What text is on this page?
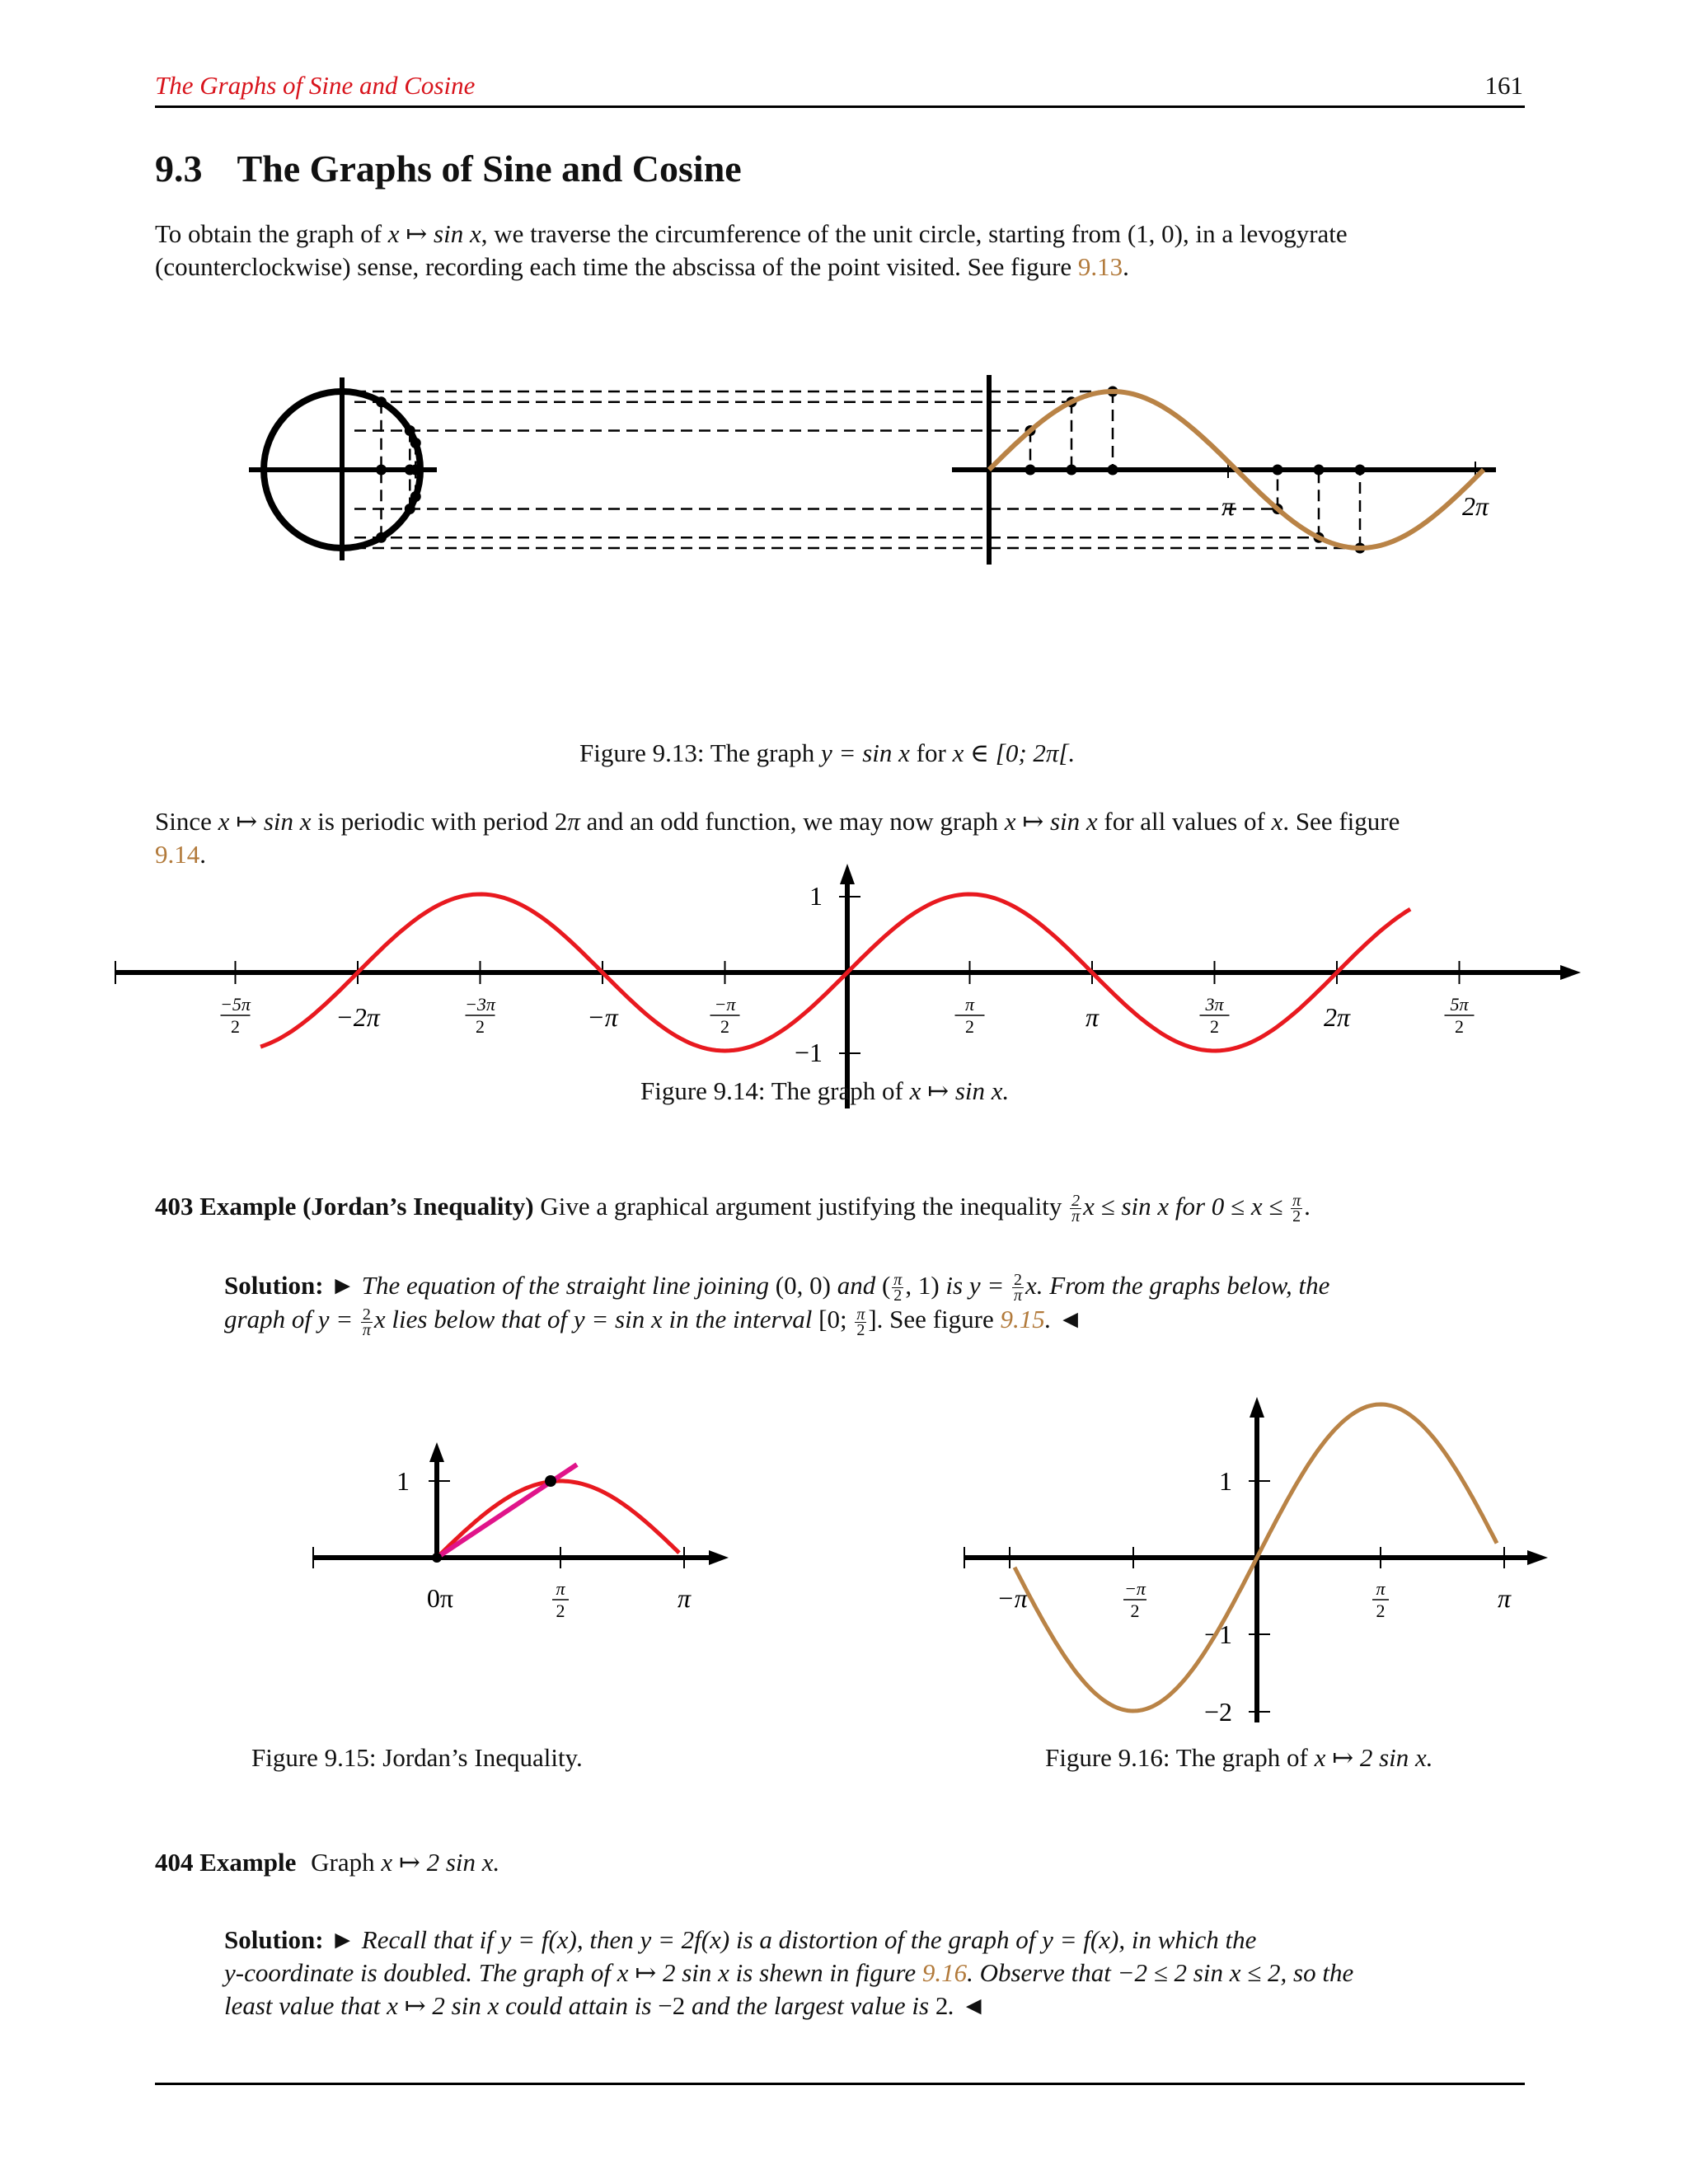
The Graphs of Sine and Cosine	161
9.3 The Graphs of Sine and Cosine
To obtain the graph of x ↦ sin x, we traverse the circumference of the unit circle, starting from (1, 0), in a levogyrate
(counterclockwise) sense, recording each time the abscissa of the point visited. See figure 9.13.
π	2π
Figure 9.13: The graph y = sin x for x ∈ [0; 2π[.
Since x ↦ sin x is periodic with period 2π and an odd function, we may now graph x ↦ sin x for all values of x. See figure
9.14.
1
−1
−5π
2	−2π	−3π
2	−π	−π
2
π
2	π	3π
2	2π	5π
2
Figure 9.14: The graph of x ↦ sin x.
403 Example (Jordan’s Inequality) Give a graphical argument justifying the inequality $\frac{2}{\pi}$ x ≤ sin x for $0 \le x \le \frac{\pi}{2}$ .
Solution: ► The equation of the straight line joining (0, 0) and ( $\frac{\pi}{2}$ , 1) is $y = \frac{2}{\pi} x$. From the graphs below, the
graph of $y = \frac{2}{\pi}$ x lies below that of y = sin x in the interval [0; $\frac{\pi}{2}$ ]. See figure 9.15. ◄
1
0π	π
2	π
Figure 9.15: Jordan’s Inequality.
1
−1
−2
−π	−π
2
π
2	π
Figure 9.16: The graph of x ↦ 2 sin x.
404 Example Graph x ↦ 2 sin x.
Solution: ► Recall that if y = f(x), then y = 2f(x) is a distortion of the graph of y = f(x), in which the
y-coordinate is doubled. The graph of x ↦ 2 sin x is shewn in figure 9.16. Observe that −2 ≤ 2 sin x ≤ 2, so the
least value that x ↦ 2 sin x could attain is −2 and the largest value is 2. ◄
